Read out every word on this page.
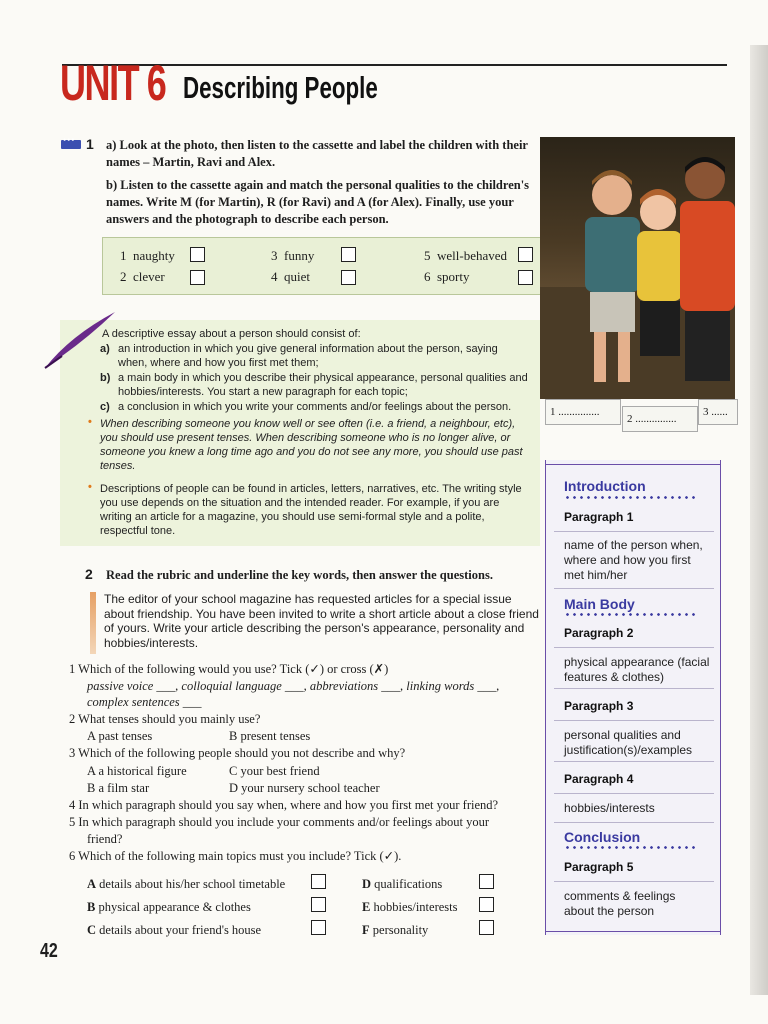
UNIT 6 Describing People
•••
1 a) Look at the photo, then listen to the cassette and label the children with their names – Martin, Ravi and Alex.
b) Listen to the cassette again and match the personal qualities to the children's names. Write M (for Martin), R (for Ravi) and A (for Alex). Finally, use your answers and the photograph to describe each person.
1 naughty
2 clever
3 funny
4 quiet
5 well-behaved
6 sporty
1 ...............
2 ...............
3 ......
A descriptive essay about a person should consist of:
a) an introduction in which you give general information about the person, saying when, where and how you first met them;
b) a main body in which you describe their physical appearance, personal qualities and hobbies/interests. You start a new paragraph for each topic;
c) a conclusion in which you write your comments and/or feelings about the person.
• When describing someone you know well or see often (i.e. a friend, a neighbour, etc), you should use present tenses. When describing someone who is no longer alive, or someone you knew a long time ago and you do not see any more, you should use past tenses.
• Descriptions of people can be found in articles, letters, narratives, etc. The writing style you use depends on the situation and the intended reader. For example, if you are writing an article for a magazine, you should use semi-formal style and a polite, respectful tone.
2 Read the rubric and underline the key words, then answer the questions.
The editor of your school magazine has requested articles for a special issue about friendship. You have been invited to write a short article about a close friend of yours. Write your article describing the person's appearance, personality and hobbies/interests.
1 Which of the following would you use? Tick (✓) or cross (✗)
passive voice ___, colloquial language ___, abbreviations ___, linking words ___,
complex sentences ___
2 What tenses should you mainly use?
A past tenses	B present tenses
3 Which of the following people should you not describe and why?
A a historical figure	C your best friend
B a film star	D your nursery school teacher
4 In which paragraph should you say when, where and how you first met your friend?
5 In which paragraph should you include your comments and/or feelings about your
friend?
6 Which of the following main topics must you include? Tick (✓).
A details about his/her school timetable
B physical appearance & clothes
C details about your friend's house
D qualifications
E hobbies/interests
F personality
42
Introduction
Paragraph 1
name of the person when, where and how you first met him/her
Main Body
Paragraph 2
physical appearance (facial features & clothes)
Paragraph 3
personal qualities and justification(s)/examples
Paragraph 4
hobbies/interests
Conclusion
Paragraph 5
comments & feelings about the person
